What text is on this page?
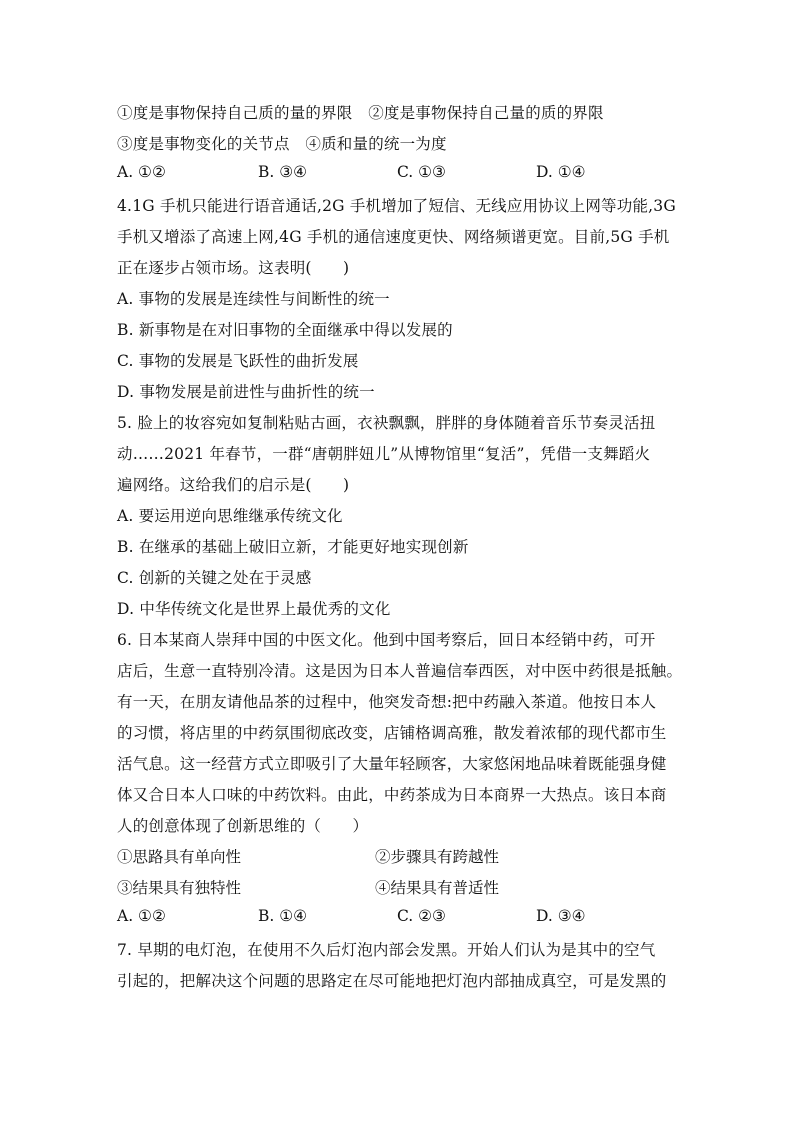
①度是事物保持自己质的量的界限　②度是事物保持自己量的质的界限
③度是事物变化的关节点　④质和量的统一为度
A. ①②	B. ③④	C. ①③	D. ①④
4.1G 手机只能进行语音通话,2G 手机增加了短信、无线应用协议上网等功能,3G
手机又增添了高速上网,4G 手机的通信速度更快、网络频谱更宽。目前,5G 手机
正在逐步占领市场。这表明(　　)
A. 事物的发展是连续性与间断性的统一
B. 新事物是在对旧事物的全面继承中得以发展的
C. 事物的发展是飞跃性的曲折发展
D. 事物发展是前进性与曲折性的统一
5. 脸上的妆容宛如复制粘贴古画，衣袂飘飘，胖胖的身体随着音乐节奏灵活扭
动……2021 年春节，一群“唐朝胖妞儿”从博物馆里“复活”，凭借一支舞蹈火
遍网络。这给我们的启示是(　　)
A. 要运用逆向思维继承传统文化
B. 在继承的基础上破旧立新，才能更好地实现创新
C. 创新的关键之处在于灵感
D. 中华传统文化是世界上最优秀的文化
6. 日本某商人崇拜中国的中医文化。他到中国考察后，回日本经销中药，可开
店后，生意一直特别冷清。这是因为日本人普遍信奉西医，对中医中药很是抵触。
有一天，在朋友请他品茶的过程中，他突发奇想:把中药融入茶道。他按日本人
的习惯，将店里的中药氛围彻底改变，店铺格调高雅，散发着浓郁的现代都市生
活气息。这一经营方式立即吸引了大量年轻顾客，大家悠闲地品味着既能强身健
体又合日本人口味的中药饮料。由此，中药茶成为日本商界一大热点。该日本商
人的创意体现了创新思维的（　　）
①思路具有单向性	②步骤具有跨越性
③结果具有独特性	④结果具有普适性
A. ①②	B. ①④	C. ②③	D. ③④
7. 早期的电灯泡，在使用不久后灯泡内部会发黑。开始人们认为是其中的空气
引起的，把解决这个问题的思路定在尽可能地把灯泡内部抽成真空，可是发黑的
